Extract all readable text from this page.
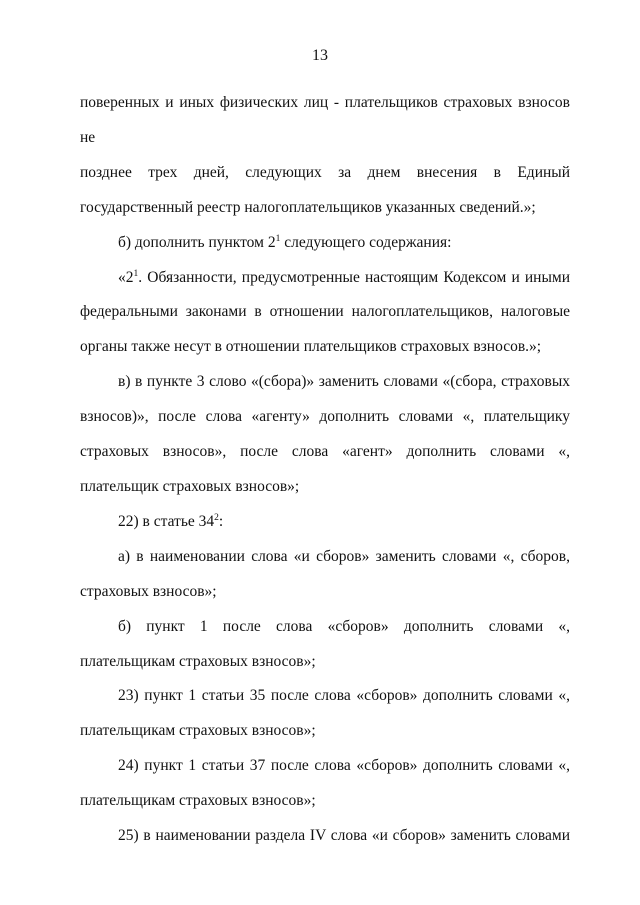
13

поверенных и иных физических лиц - плательщиков страховых взносов не

позднее трех дней, следующих за днем внесения в Единый

государственный реестр налогоплательщиков указанных сведений.»;

б) дополнить пунктом $2^1$ следующего содержания:

«$2^1$. Обязанности, предусмотренные настоящим Кодексом и иными федеральными законами в отношении налогоплательщиков, налоговые органы также несут в отношении плательщиков страховых взносов.»;

в) в пункте 3 слово «(сбора)» заменить словами «(сбора, страховых взносов)», после слова «агенту» дополнить словами «, плательщику страховых взносов», после слова «агент» дополнить словами «, плательщик страховых взносов»;

22) в статье $34^2$:

а) в наименовании слова «и сборов» заменить словами «, сборов, страховых взносов»;

б) пункт 1 после слова «сборов» дополнить словами «, плательщикам страховых взносов»;

23) пункт 1 статьи 35 после слова «сборов» дополнить словами «, плательщикам страховых взносов»;

24) пункт 1 статьи 37 после слова «сборов» дополнить словами «, плательщикам страховых взносов»;

25) в наименовании раздела IV слова «и сборов» заменить словами
